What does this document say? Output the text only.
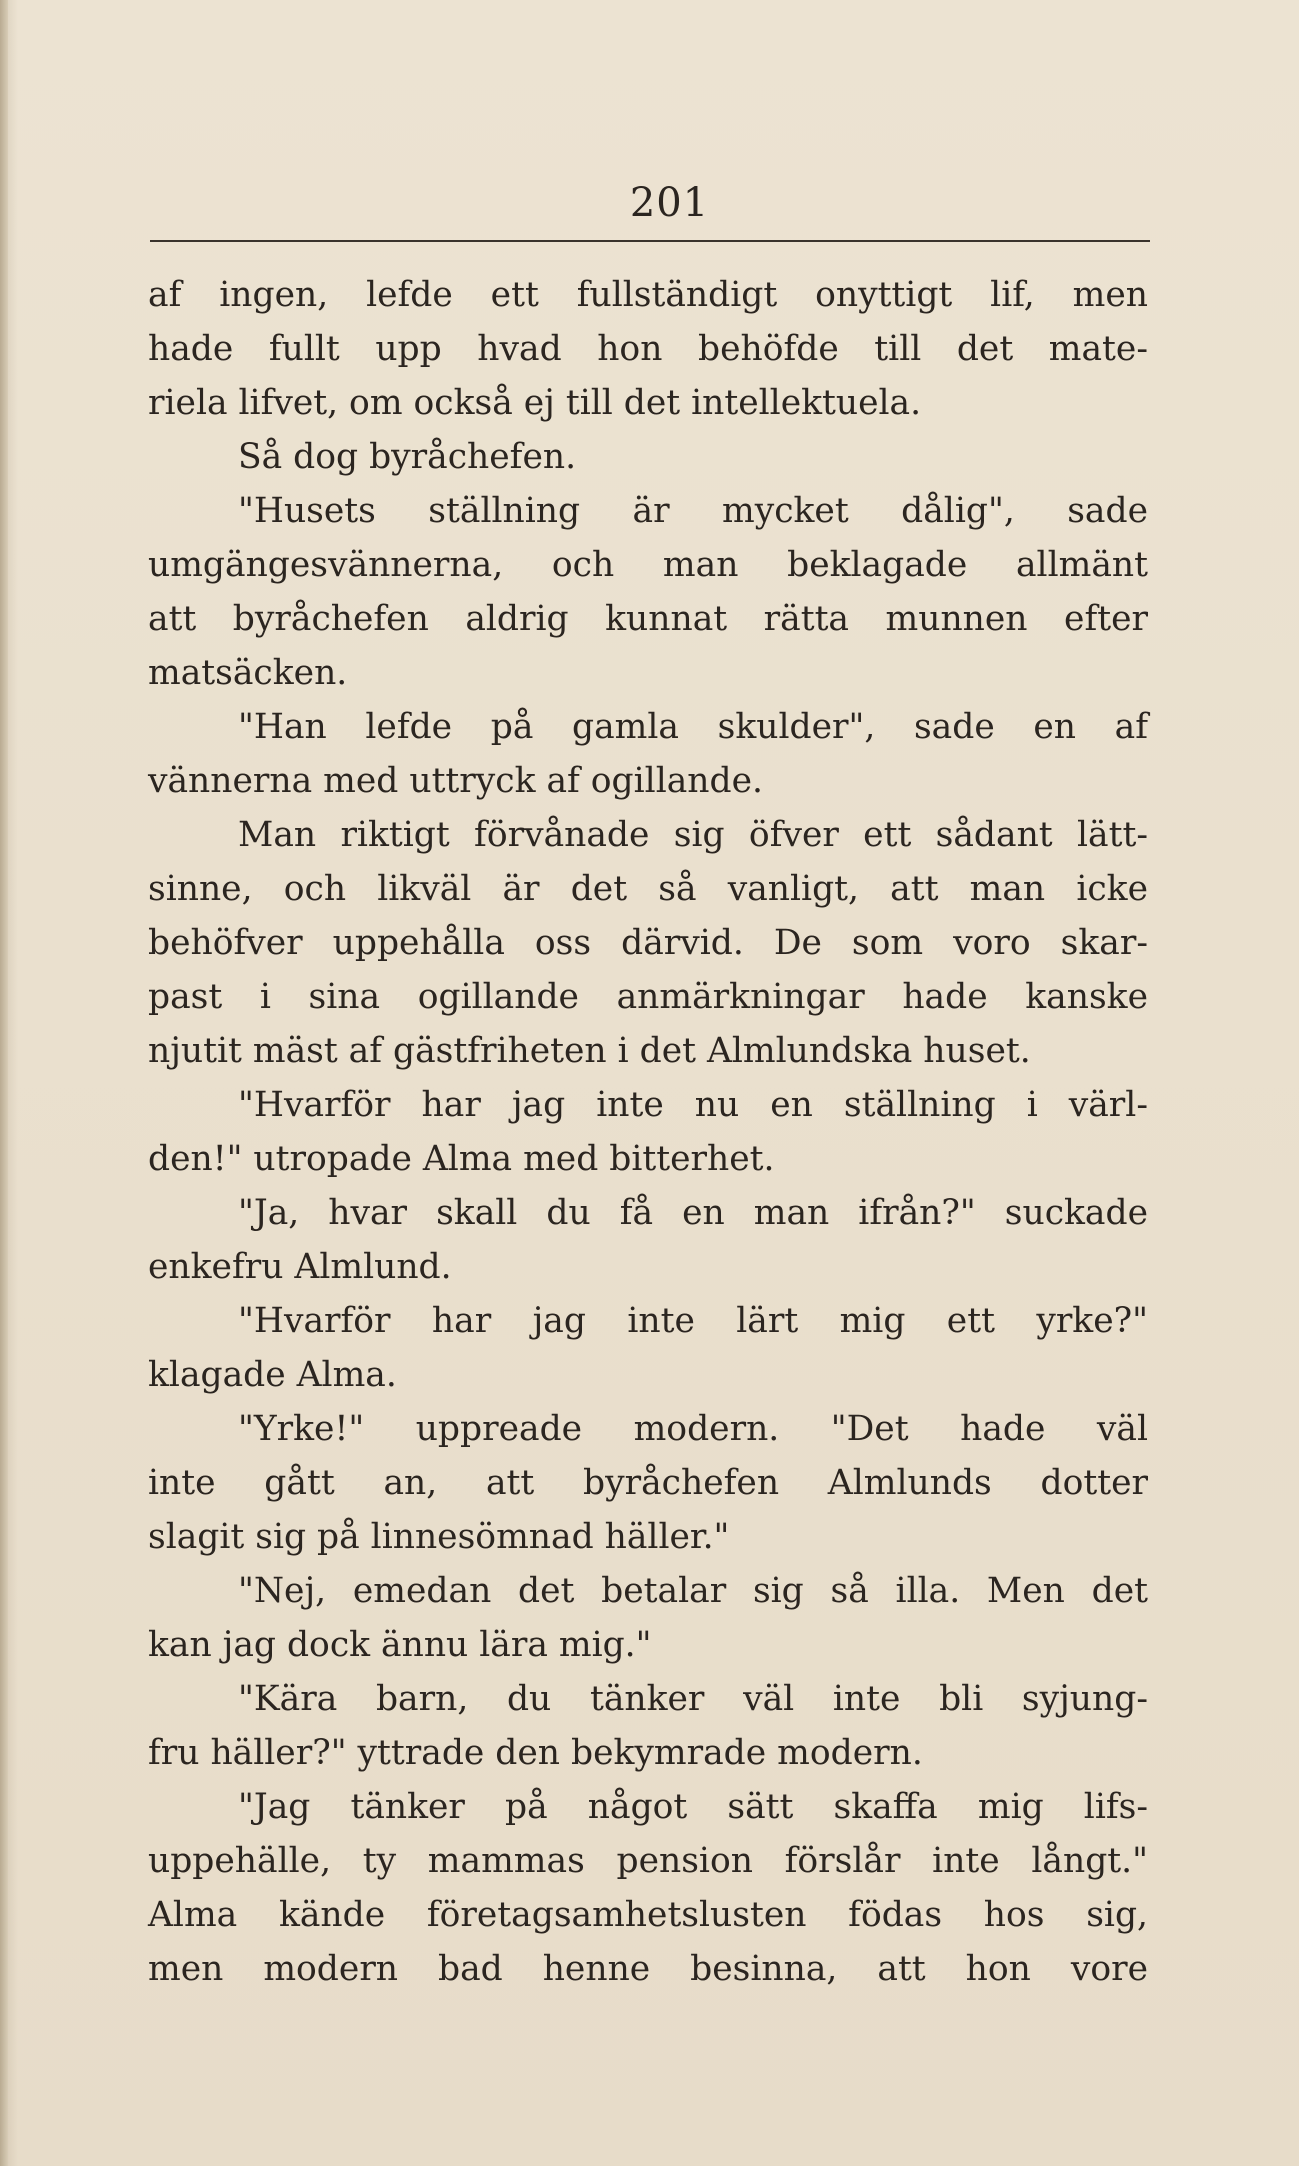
201
af ingen, lefde ett fullständigt onyttigt lif, men
hade fullt upp hvad hon behöfde till det mate-
riela lifvet, om också ej till det intellektuela.
Så dog byråchefen.
"Husets ställning är mycket dålig", sade
umgängesvännerna, och man beklagade allmänt
att byråchefen aldrig kunnat rätta munnen efter
matsäcken.
"Han lefde på gamla skulder", sade en af
vännerna med uttryck af ogillande.
Man riktigt förvånade sig öfver ett sådant lätt-
sinne, och likväl är det så vanligt, att man icke
behöfver uppehålla oss därvid. De som voro skar-
past i sina ogillande anmärkningar hade kanske
njutit mäst af gästfriheten i det Almlundska huset.
"Hvarför har jag inte nu en ställning i värl-
den!" utropade Alma med bitterhet.
"Ja, hvar skall du få en man ifrån?" suckade
enkefru Almlund.
"Hvarför har jag inte lärt mig ett yrke?"
klagade Alma.
"Yrke!" uppreade modern. "Det hade väl
inte gått an, att byråchefen Almlunds dotter
slagit sig på linnesömnad häller."
"Nej, emedan det betalar sig så illa. Men det
kan jag dock ännu lära mig."
"Kära barn, du tänker väl inte bli syjung-
fru häller?" yttrade den bekymrade modern.
"Jag tänker på något sätt skaffa mig lifs-
uppehälle, ty mammas pension förslår inte långt."
Alma kände företagsamhetslusten födas hos sig,
men modern bad henne besinna, att hon vore
